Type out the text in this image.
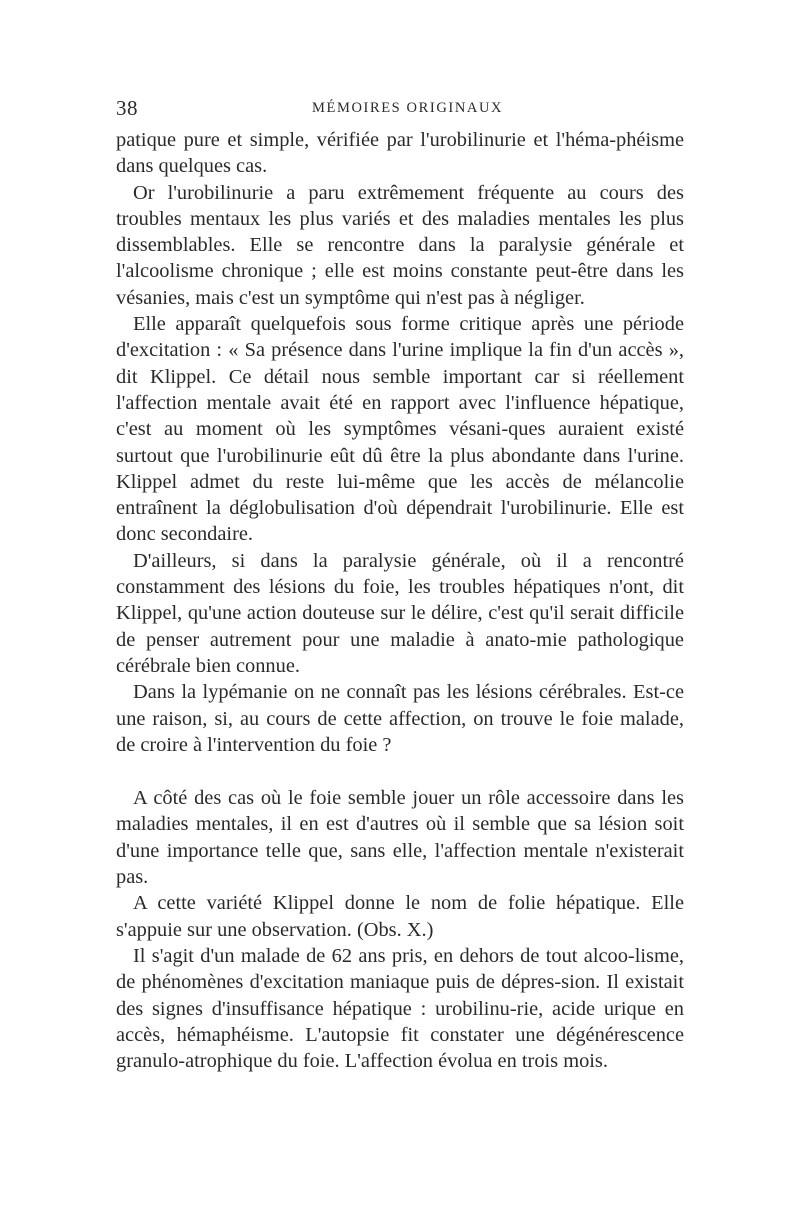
38	MÉMOIRES ORIGINAUX

patique pure et simple, vérifiée par l'urobilinurie et l'héma-phéisme dans quelques cas.

Or l'urobilinurie a paru extrêmement fréquente au cours des troubles mentaux les plus variés et des maladies mentales les plus dissemblables. Elle se rencontre dans la paralysie générale et l'alcoolisme chronique ; elle est moins constante peut-être dans les vésanies, mais c'est un symptôme qui n'est pas à négliger.

Elle apparaît quelquefois sous forme critique après une période d'excitation : « Sa présence dans l'urine implique la fin d'un accès », dit Klippel. Ce détail nous semble important car si réellement l'affection mentale avait été en rapport avec l'influence hépatique, c'est au moment où les symptômes vésani-ques auraient existé surtout que l'urobilinurie eût dû être la plus abondante dans l'urine. Klippel admet du reste lui-même que les accès de mélancolie entraînent la déglobulisation d'où dépendrait l'urobilinurie. Elle est donc secondaire.

D'ailleurs, si dans la paralysie générale, où il a rencontré constamment des lésions du foie, les troubles hépatiques n'ont, dit Klippel, qu'une action douteuse sur le délire, c'est qu'il serait difficile de penser autrement pour une maladie à anato-mie pathologique cérébrale bien connue.

Dans la lypémanie on ne connaît pas les lésions cérébrales. Est-ce une raison, si, au cours de cette affection, on trouve le foie malade, de croire à l'intervention du foie ?

A côté des cas où le foie semble jouer un rôle accessoire dans les maladies mentales, il en est d'autres où il semble que sa lésion soit d'une importance telle que, sans elle, l'affection mentale n'existerait pas.

A cette variété Klippel donne le nom de folie hépatique. Elle s'appuie sur une observation. (Obs. X.)

Il s'agit d'un malade de 62 ans pris, en dehors de tout alcoo-lisme, de phénomènes d'excitation maniaque puis de dépres-sion. Il existait des signes d'insuffisance hépatique : urobilinu-rie, acide urique en accès, hémaphéisme. L'autopsie fit constater une dégénérescence granulo-atrophique du foie. L'affection évolua en trois mois.
